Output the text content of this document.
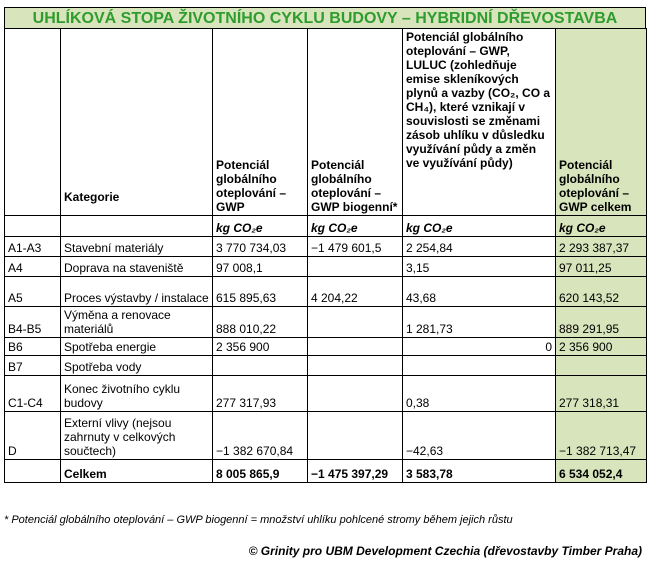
UHLÍKOVÁ STOPA ŽIVOTNÍHO CYKLU BUDOVY – HYBRIDNÍ DŘEVOSTAVBA
	Kategorie	Potenciál globálního oteplování – GWP	Potenciál globálního oteplování – GWP biogenní*	Potenciál globálního oteplování – GWP, LULUC (zohledňuje emise skleníkových plynů a vazby (CO₂, CO a CH₄), které vznikají v souvislosti se změnami zásob uhlíku v důsledku využívání půdy a změn ve využívání půdy)	Potenciál globálního oteplování – GWP celkem
		kg CO₂e	kg CO₂e	kg CO₂e	kg CO₂e
A1-A3	Stavební materiály	3 770 734,03	−1 479 601,5	2 254,84	2 293 387,37
A4	Doprava na staveniště	97 008,1		3,15	97 011,25
A5	Proces výstavby / instalace	615 895,63	4 204,22	43,68	620 143,52
B4-B5	Výměna a renovace materiálů	888 010,22		1 281,73	889 291,95
B6	Spotřeba energie	2 356 900		0	2 356 900
B7	Spotřeba vody				
C1-C4	Konec životního cyklu budovy	277 317,93		0,38	277 318,31
D	Externí vlivy (nejsou zahrnuty v celkových součtech)	−1 382 670,84		−42,63	−1 382 713,47
	Celkem	8 005 865,9	−1 475 397,29	3 583,78	6 534 052,4
* Potenciál globálního oteplování – GWP biogenní = množství uhlíku pohlcené stromy během jejich růstu
© Grinity pro UBM Development Czechia (dřevostavby Timber Praha)
